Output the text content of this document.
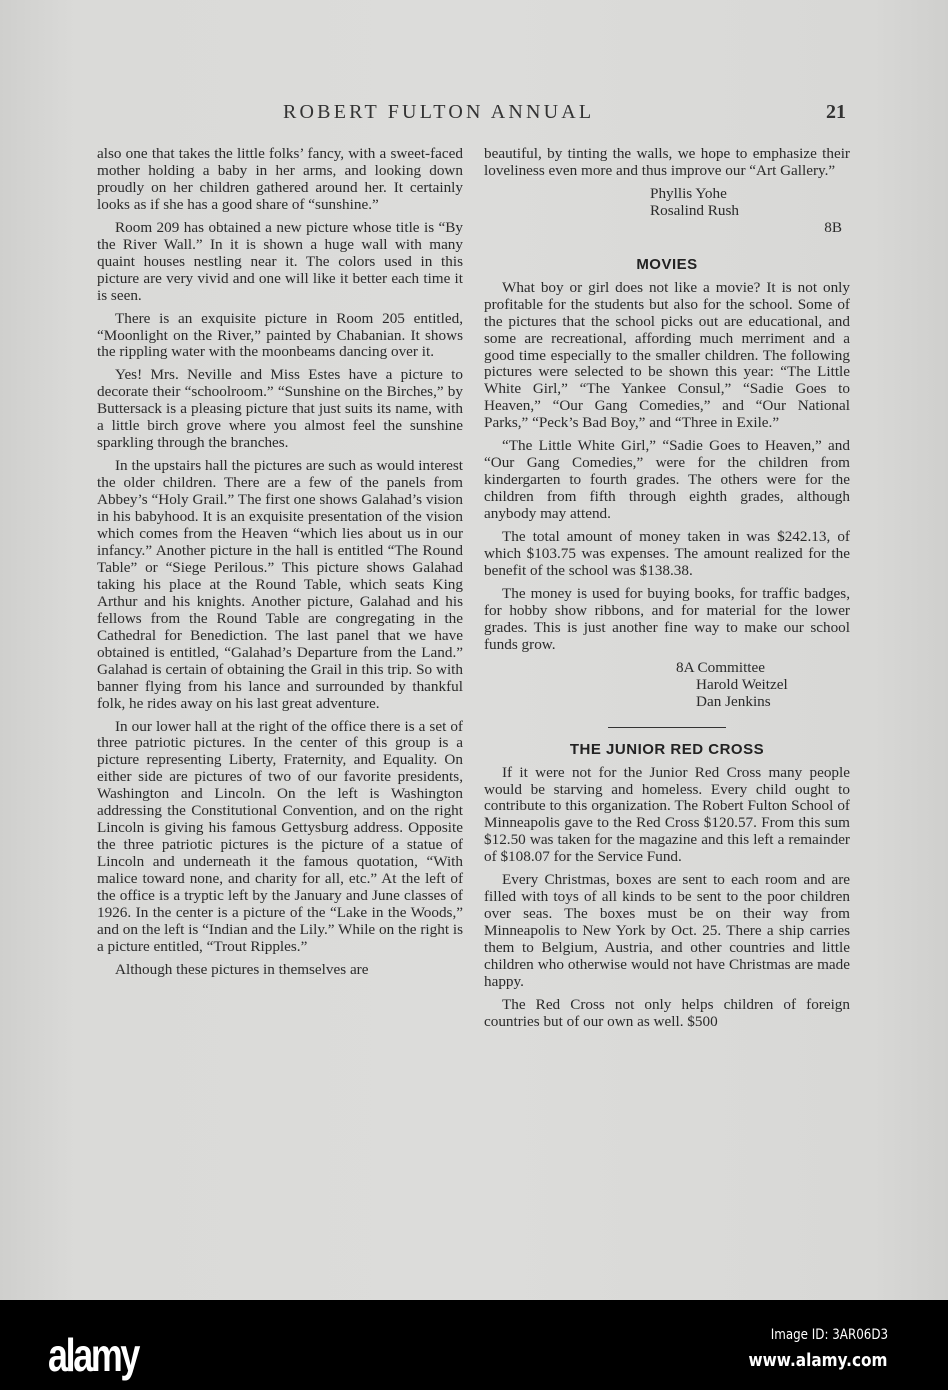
ROBERT FULTON ANNUAL	21

also one that takes the little folks’ fancy, with a sweet-faced mother holding a baby in her arms, and looking down proudly on her children gathered around her. It certainly looks as if she has a good share of “sunshine.”

Room 209 has obtained a new picture whose title is “By the River Wall.” In it is shown a huge wall with many quaint houses nestling near it. The colors used in this picture are very vivid and one will like it better each time it is seen.

There is an exquisite picture in Room 205 entitled, “Moonlight on the River,” painted by Chabanian. It shows the rippling water with the moonbeams dancing over it.

Yes! Mrs. Neville and Miss Estes have a picture to decorate their “schoolroom.” “Sunshine on the Birches,” by Buttersack is a pleasing picture that just suits its name, with a little birch grove where you almost feel the sunshine sparkling through the branches.

In the upstairs hall the pictures are such as would interest the older children. There are a few of the panels from Abbey’s “Holy Grail.” The first one shows Galahad’s vision in his babyhood. It is an exquisite presentation of the vision which comes from the Heaven “which lies about us in our infancy.” Another picture in the hall is entitled “The Round Table” or “Siege Perilous.” This picture shows Galahad taking his place at the Round Table, which seats King Arthur and his knights. Another picture, Galahad and his fellows from the Round Table are congregating in the Cathedral for Benediction. The last panel that we have obtained is entitled, “Galahad’s Departure from the Land.” Galahad is certain of obtaining the Grail in this trip. So with banner flying from his lance and surrounded by thankful folk, he rides away on his last great adventure.

In our lower hall at the right of the office there is a set of three patriotic pictures. In the center of this group is a picture representing Liberty, Fraternity, and Equality. On either side are pictures of two of our favorite presidents, Washington and Lincoln. On the left is Washington addressing the Constitutional Convention, and on the right Lincoln is giving his famous Gettysburg address. Opposite the three patriotic pictures is the picture of a statue of Lincoln and underneath it the famous quotation, “With malice toward none, and charity for all, etc.” At the left of the office is a tryptic left by the January and June classes of 1926. In the center is a picture of the “Lake in the Woods,” and on the left is “Indian and the Lily.” While on the right is a picture entitled, “Trout Ripples.”

Although these pictures in themselves are

beautiful, by tinting the walls, we hope to emphasize their loveliness even more and thus improve our “Art Gallery.”

Phyllis Yohe
Rosalind Rush
8B
MOVIES

What boy or girl does not like a movie? It is not only profitable for the students but also for the school. Some of the pictures that the school picks out are educational, and some are recreational, affording much merriment and a good time especially to the smaller children. The following pictures were selected to be shown this year: “The Little White Girl,” “The Yankee Consul,” “Sadie Goes to Heaven,” “Our Gang Comedies,” and “Our National Parks,” “Peck’s Bad Boy,” and “Three in Exile.”

“The Little White Girl,” “Sadie Goes to Heaven,” and “Our Gang Comedies,” were for the children from kindergarten to fourth grades. The others were for the children from fifth through eighth grades, although anybody may attend.

The total amount of money taken in was $242.13, of which $103.75 was expenses. The amount realized for the benefit of the school was $138.38.

The money is used for buying books, for traffic badges, for hobby show ribbons, and for material for the lower grades. This is just another fine way to make our school funds grow.

8A Committee
Harold Weitzel
Dan Jenkins
THE JUNIOR RED CROSS

If it were not for the Junior Red Cross many people would be starving and homeless. Every child ought to contribute to this organization. The Robert Fulton School of Minneapolis gave to the Red Cross $120.57. From this sum $12.50 was taken for the magazine and this left a remainder of $108.07 for the Service Fund.

Every Christmas, boxes are sent to each room and are filled with toys of all kinds to be sent to the poor children over seas. The boxes must be on their way from Minneapolis to New York by Oct. 25. There a ship carries them to Belgium, Austria, and other countries and little children who otherwise would not have Christmas are made happy.

The Red Cross not only helps children of foreign countries but of our own as well. $500

alamy	Image ID: 3AR06D3
www.alamy.com
